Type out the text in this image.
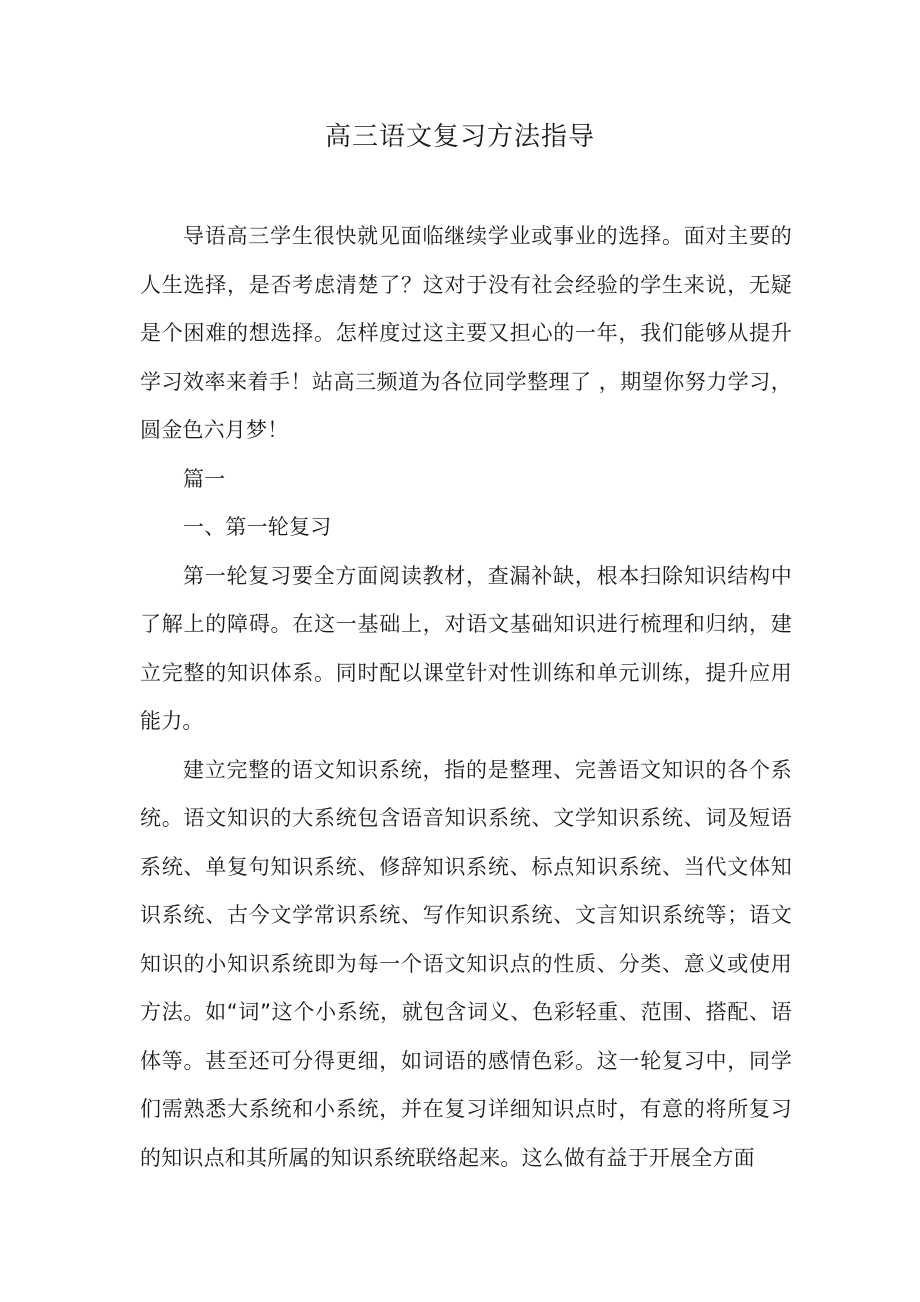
高三语文复习方法指导

导语高三学生很快就见面临继续学业或事业的选择。面对主要的人生选择，是否考虑清楚了？这对于没有社会经验的学生来说，无疑是个困难的想选择。怎样度过这主要又担心的一年，我们能够从提升学习效率来着手！站高三频道为各位同学整理了 ，期望你努力学习，圆金色六月梦！

篇一

一、第一轮复习

第一轮复习要全方面阅读教材，查漏补缺，根本扫除知识结构中了解上的障碍。在这一基础上，对语文基础知识进行梳理和归纳，建立完整的知识体系。同时配以课堂针对性训练和单元训练，提升应用能力。

建立完整的语文知识系统，指的是整理、完善语文知识的各个系统。语文知识的大系统包含语音知识系统、文学知识系统、词及短语系统、单复句知识系统、修辞知识系统、标点知识系统、当代文体知识系统、古今文学常识系统、写作知识系统、文言知识系统等；语文知识的小知识系统即为每一个语文知识点的性质、分类、意义或使用方法。如“词”这个小系统，就包含词义、色彩轻重、范围、搭配、语体等。甚至还可分得更细，如词语的感情色彩。这一轮复习中，同学们需熟悉大系统和小系统，并在复习详细知识点时，有意的将所复习的知识点和其所属的知识系统联络起来。这么做有益于开展全方面
